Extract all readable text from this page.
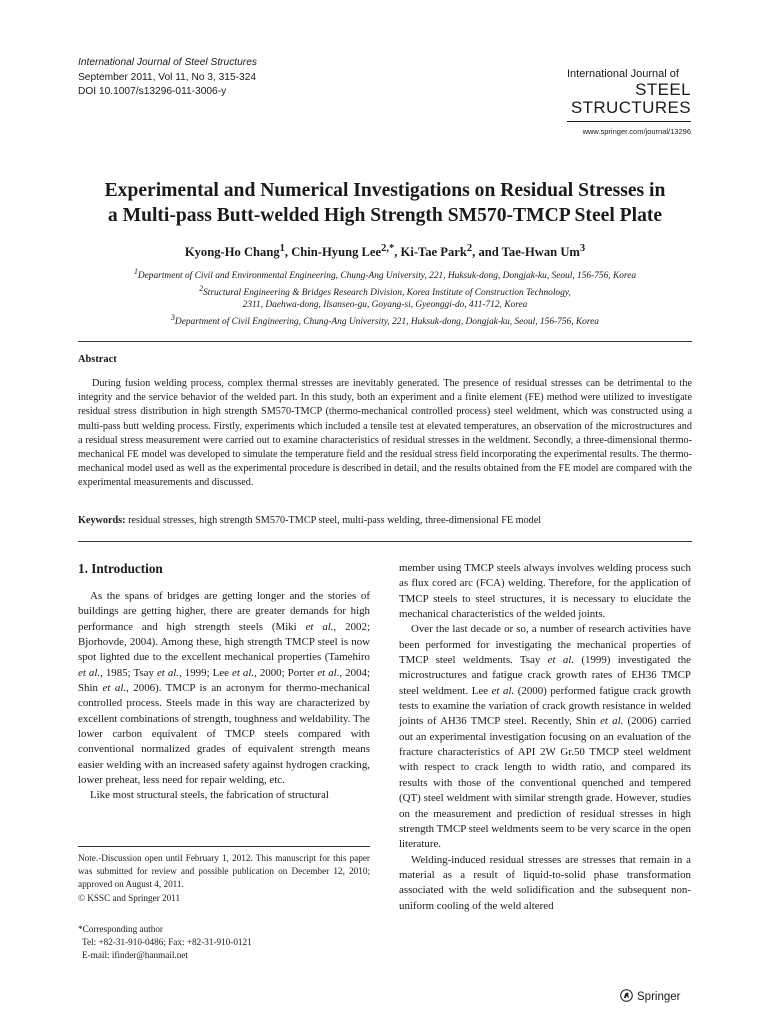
International Journal of Steel Structures
September 2011, Vol 11, No 3, 315-324
DOI 10.1007/s13296-011-3006-y
International Journal of
STEEL
STRUCTURES
www.springer.com/journal/13296
Experimental and Numerical Investigations on Residual Stresses in
a Multi-pass Butt-welded High Strength SM570-TMCP Steel Plate
Kyong-Ho Chang$^1$, Chin-Hyung Lee$^{2,*}$, Ki-Tae Park$^2$, and Tae-Hwan Um$^3$
$^1$Department of Civil and Environmental Engineering, Chung-Ang University, 221, Huksuk-dong, Dongjak-ku, Seoul, 156-756, Korea
$^2$Structural Engineering & Bridges Research Division, Korea Institute of Construction Technology,
2311, Daehwa-dong, Ilsanseo-gu, Goyang-si, Gyeonggi-do, 411-712, Korea
$^3$Department of Civil Engineering, Chung-Ang University, 221, Huksuk-dong, Dongjak-ku, Seoul, 156-756, Korea
Abstract
During fusion welding process, complex thermal stresses are inevitably generated. The presence of residual stresses can be detrimental to the integrity and the service behavior of the welded part. In this study, both an experiment and a finite element (FE) method were utilized to investigate residual stress distribution in high strength SM570-TMCP (thermo-mechanical controlled process) steel weldment, which was constructed using a multi-pass butt welding process. Firstly, experiments which included a tensile test at elevated temperatures, an observation of the microstructures and a residual stress measurement were carried out to examine characteristics of residual stresses in the weldment. Secondly, a three-dimensional thermo-mechanical FE model was developed to simulate the temperature field and the residual stress field incorporating the experimental results. The thermo-mechanical model used as well as the experimental procedure is described in detail, and the results obtained from the FE model are compared with the experimental measurements and discussed.
Keywords: residual stresses, high strength SM570-TMCP steel, multi-pass welding, three-dimensional FE model
1. Introduction

As the spans of bridges are getting longer and the stories of buildings are getting higher, there are greater demands for high performance and high strength steels (Miki et al., 2002; Bjorhovde, 2004). Among these, high strength TMCP steel is now spot lighted due to the excellent mechanical properties (Tamehiro et al., 1985; Tsay et al., 1999; Lee et al., 2000; Porter et al., 2004; Shin et al., 2006). TMCP is an acronym for thermo-mechanical controlled process. Steels made in this way are characterized by excellent combinations of strength, toughness and weldability. The lower carbon equivalent of TMCP steels compared with conventional normalized grades of equivalent strength means easier welding with an increased safety against hydrogen cracking, lower preheat, less need for repair welding, etc.

Like most structural steels, the fabrication of structural

Note.-Discussion open until February 1, 2012. This manuscript for this paper was submitted for review and possible publication on December 12, 2010; approved on August 4, 2011.
© KSSC and Springer 2011
*Corresponding author
Tel: +82-31-910-0486; Fax: +82-31-910-0121
E-mail: ifinder@hanmail.net

member using TMCP steels always involves welding process such as flux cored arc (FCA) welding. Therefore, for the application of TMCP steels to steel structures, it is necessary to elucidate the mechanical characteristics of the welded joints.

Over the last decade or so, a number of research activities have been performed for investigating the mechanical properties of TMCP steel weldments. Tsay et al. (1999) investigated the microstructures and fatigue crack growth rates of EH36 TMCP steel weldment. Lee et al. (2000) performed fatigue crack growth tests to examine the variation of crack growth resistance in welded joints of AH36 TMCP steel. Recently, Shin et al. (2006) carried out an experimental investigation focusing on an evaluation of the fracture characteristics of API 2W Gr.50 TMCP steel weldment with respect to crack length to width ratio, and compared its results with those of the conventional quenched and tempered (QT) steel weldment with similar strength grade. However, studies on the measurement and prediction of residual stresses in high strength TMCP steel weldments seem to be very scarce in the open literature.

Welding-induced residual stresses are stresses that remain in a material as a result of liquid-to-solid phase transformation associated with the weld solidification and the subsequent non-uniform cooling of the weld altered

Springer
